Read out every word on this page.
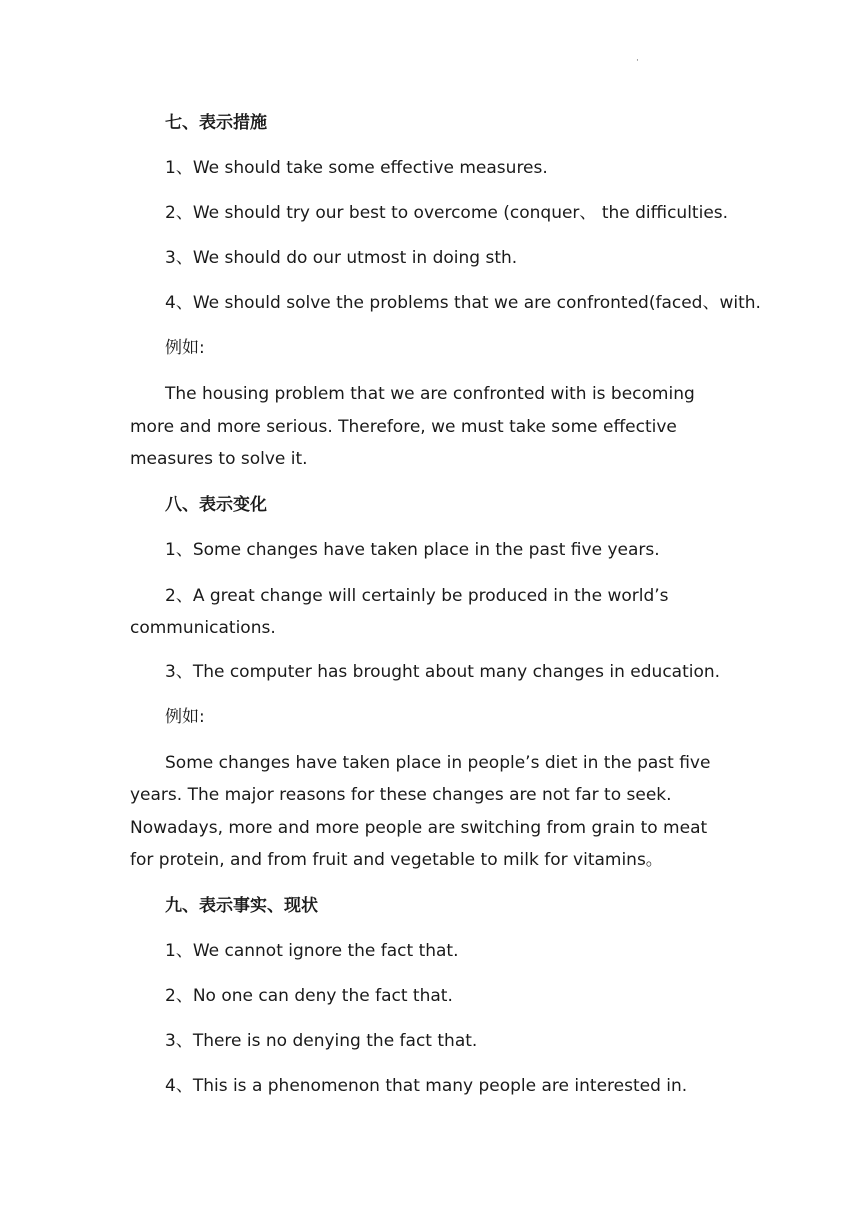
·
七、表示措施
1、We should take some effective measures.
2、We should try our best to overcome (conquer、 the difficulties.
3、We should do our utmost in doing sth.
4、We should solve the problems that we are confronted(faced、with.
例如:

The housing problem that we are confronted with is becoming more and more serious. Therefore, we must take some effective measures to solve it.

八、表示变化
1、Some changes have taken place in the past five years.

2、A great change will certainly be produced in the world’s communications.

3、The computer has brought about many changes in education.
例如:

Some changes have taken place in people’s diet in the past five years. The major reasons for these changes are not far to seek. Nowadays, more and more people are switching from grain to meat for protein, and from fruit and vegetable to milk for vitamins。

九、表示事实、现状
1、We cannot ignore the fact that.
2、No one can deny the fact that.
3、There is no denying the fact that.
4、This is a phenomenon that many people are interested in.
